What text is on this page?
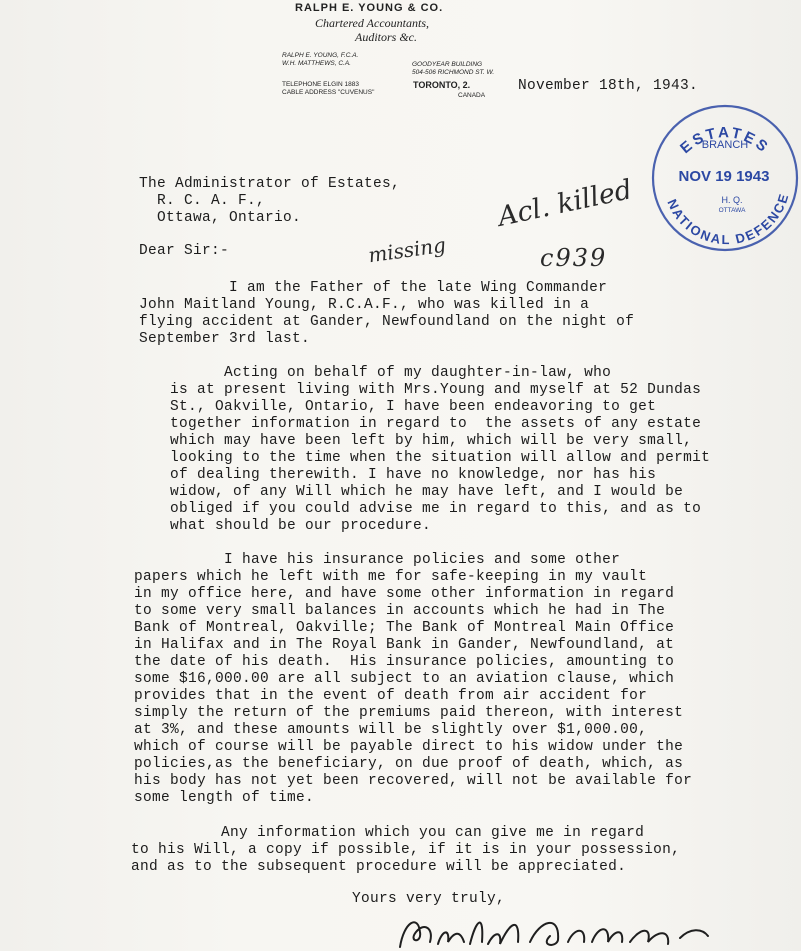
RALPH E. YOUNG & CO.
Chartered Accountants,
Auditors &c.
RALPH E. YOUNG, F.C.A.
W.H. MATTHEWS, C.A.	GOODYEAR BUILDING
504-506 RICHMOND ST. W.
TELEPHONE ELGIN 1883
CABLE ADDRESS "CUVENUS"
TORONTO, 2.
CANADA

November 18th, 1943.

ESTATES
BRANCH
NOV 19 1943
H. Q.
OTTAWA
NATIONAL DEFENCE

The Administrator of Estates,
R. C. A. F.,
Ottawa, Ontario.	Acl. killed
missing	c939

Dear Sir:-

I am the Father of the late Wing Commander
John Maitland Young, R.C.A.F., who was killed in a
flying accident at Gander, Newfoundland on the night of
September 3rd last.

Acting on behalf of my daughter-in-law, who
is at present living with Mrs.Young and myself at 52 Dundas
St., Oakville, Ontario, I have been endeavoring to get
together information in regard to  the assets of any estate
which may have been left by him, which will be very small,
looking to the time when the situation will allow and permit
of dealing therewith. I have no knowledge, nor has his
widow, of any Will which he may have left, and I would be
obliged if you could advise me in regard to this, and as to
what should be our procedure.

I have his insurance policies and some other
papers which he left with me for safe-keeping in my vault
in my office here, and have some other information in regard
to some very small balances in accounts which he had in The
Bank of Montreal, Oakville; The Bank of Montreal Main Office
in Halifax and in The Royal Bank in Gander, Newfoundland, at
the date of his death.  His insurance policies, amounting to
some $16,000.00 are all subject to an aviation clause, which
provides that in the event of death from air accident for
simply the return of the premiums paid thereon, with interest
at 3%, and these amounts will be slightly over $1,000.00,
which of course will be payable direct to his widow under the
policies,as the beneficiary, on due proof of death, which, as
his body has not yet been recovered, will not be available for
some length of time.

Any information which you can give me in regard
to his Will, a copy if possible, if it is in your possession,
and as to the subsequent procedure will be appreciated.

Yours very truly,
